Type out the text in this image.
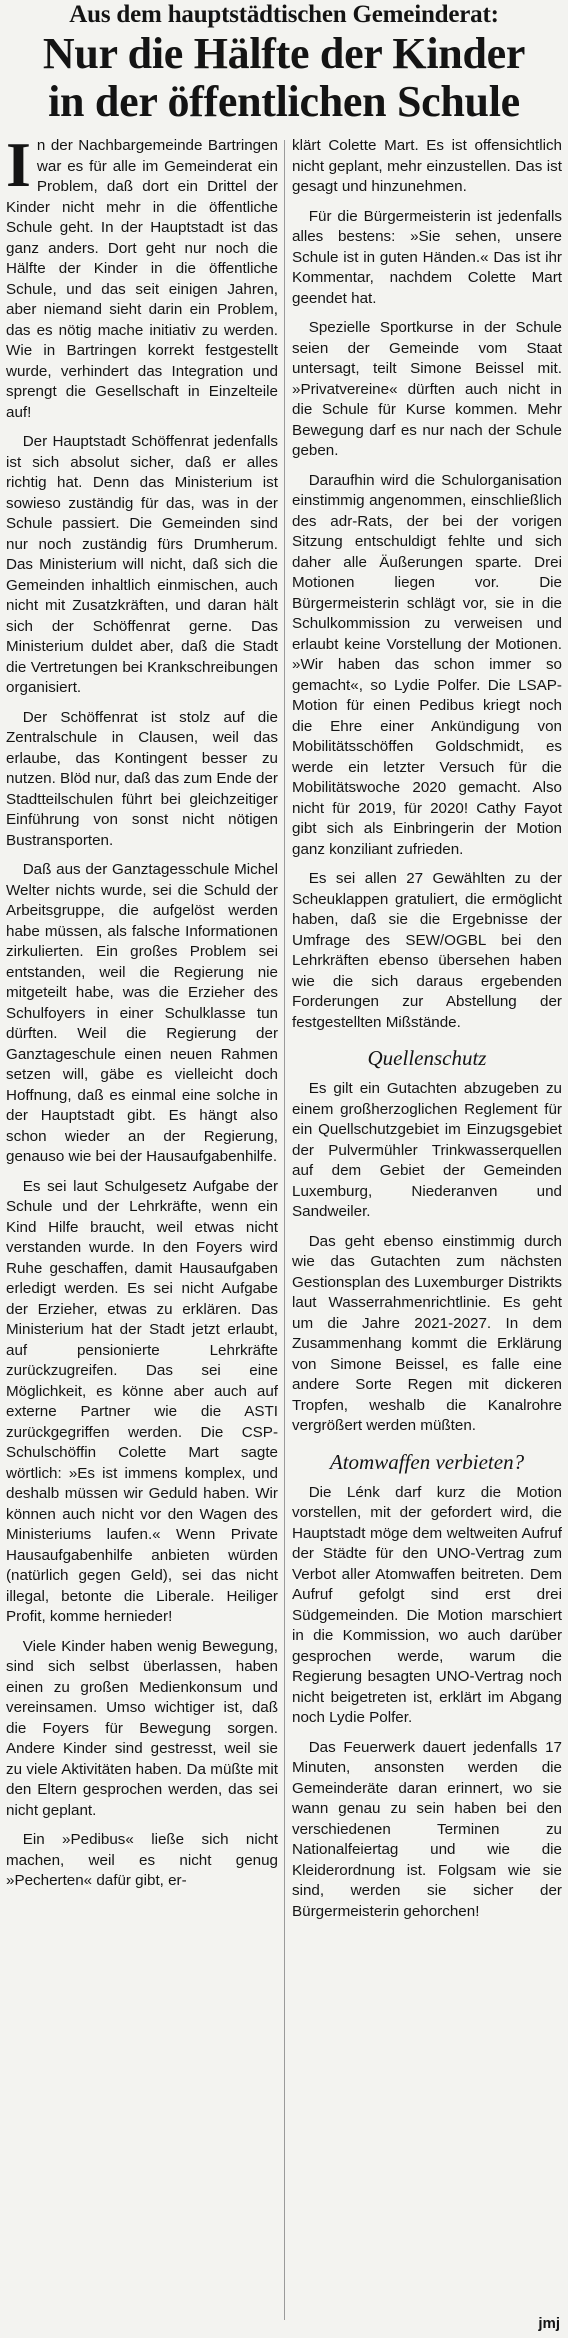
Aus dem hauptstädtischen Gemeinderat:
Nur die Hälfte der Kinder
in der öffentlichen Schule

In der Nachbargemeinde Bartringen war es für alle im Gemeinderat ein Problem, daß dort ein Drittel der Kinder nicht mehr in die öffentliche Schule geht. In der Hauptstadt ist das ganz anders. Dort geht nur noch die Hälfte der Kinder in die öffentliche Schule, und das seit einigen Jahren, aber niemand sieht darin ein Problem, das es nötig mache initiativ zu werden. Wie in Bartringen korrekt festgestellt wurde, verhindert das Integration und sprengt die Gesellschaft in Einzelteile auf!

Der Hauptstadt Schöffenrat jedenfalls ist sich absolut sicher, daß er alles richtig hat. Denn das Ministerium ist sowieso zuständig für das, was in der Schule passiert. Die Gemeinden sind nur noch zuständig fürs Drumherum. Das Ministerium will nicht, daß sich die Gemeinden inhaltlich einmischen, auch nicht mit Zusatzkräften, und daran hält sich der Schöffenrat gerne. Das Ministerium duldet aber, daß die Stadt die Vertretungen bei Krankschreibungen organisiert.

Der Schöffenrat ist stolz auf die Zentralschule in Clausen, weil das erlaube, das Kontingent besser zu nutzen. Blöd nur, daß das zum Ende der Stadtteilschulen führt bei gleichzeitiger Einführung von sonst nicht nötigen Bustransporten.

Daß aus der Ganztagesschule Michel Welter nichts wurde, sei die Schuld der Arbeitsgruppe, die aufgelöst werden habe müssen, als falsche Informationen zirkulierten. Ein großes Problem sei entstanden, weil die Regierung nie mitgeteilt habe, was die Erzieher des Schulfoyers in einer Schulklasse tun dürften. Weil die Regierung der Ganztageschule einen neuen Rahmen setzen will, gäbe es vielleicht doch Hoffnung, daß es einmal eine solche in der Hauptstadt gibt. Es hängt also schon wieder an der Regierung, genauso wie bei der Hausaufgabenhilfe.

Es sei laut Schulgesetz Aufgabe der Schule und der Lehrkräfte, wenn ein Kind Hilfe braucht, weil etwas nicht verstanden wurde. In den Foyers wird Ruhe geschaffen, damit Hausaufgaben erledigt werden. Es sei nicht Aufgabe der Erzieher, etwas zu erklären. Das Ministerium hat der Stadt jetzt erlaubt, auf pensionierte Lehrkräfte zurückzugreifen. Das sei eine Möglichkeit, es könne aber auch auf externe Partner wie die ASTI zurückgegriffen werden. Die CSP-Schulschöffin Colette Mart sagte wörtlich: »Es ist immens komplex, und deshalb müssen wir Geduld haben. Wir können auch nicht vor den Wagen des Ministeriums laufen.« Wenn Private Hausaufgabenhilfe anbieten würden (natürlich gegen Geld), sei das nicht illegal, betonte die Liberale. Heiliger Profit, komme hernieder!

Viele Kinder haben wenig Bewegung, sind sich selbst überlassen, haben einen zu großen Medienkonsum und vereinsamen. Umso wichtiger ist, daß die Foyers für Bewegung sorgen. Andere Kinder sind gestresst, weil sie zu viele Aktivitäten haben. Da müßte mit den Eltern gesprochen werden, das sei nicht geplant.

Ein »Pedibus« ließe sich nicht machen, weil es nicht genug »Pecherten« dafür gibt, er-

klärt Colette Mart. Es ist offensichtlich nicht geplant, mehr einzustellen. Das ist gesagt und hinzunehmen.

Für die Bürgermeisterin ist jedenfalls alles bestens: »Sie sehen, unsere Schule ist in guten Händen.« Das ist ihr Kommentar, nachdem Colette Mart geendet hat.

Spezielle Sportkurse in der Schule seien der Gemeinde vom Staat untersagt, teilt Simone Beissel mit. »Privatvereine« dürften auch nicht in die Schule für Kurse kommen. Mehr Bewegung darf es nur nach der Schule geben.

Daraufhin wird die Schulorganisation einstimmig angenommen, einschließlich des adr-Rats, der bei der vorigen Sitzung entschuldigt fehlte und sich daher alle Äußerungen sparte. Drei Motionen liegen vor. Die Bürgermeisterin schlägt vor, sie in die Schulkommission zu verweisen und erlaubt keine Vorstellung der Motionen. »Wir haben das schon immer so gemacht«, so Lydie Polfer. Die LSAP-Motion für einen Pedibus kriegt noch die Ehre einer Ankündigung von Mobilitätsschöffen Goldschmidt, es werde ein letzter Versuch für die Mobilitätswoche 2020 gemacht. Also nicht für 2019, für 2020! Cathy Fayot gibt sich als Einbringerin der Motion ganz konziliant zufrieden.

Es sei allen 27 Gewählten zu der Scheuklappen gratuliert, die ermöglicht haben, daß sie die Ergebnisse der Umfrage des SEW/OGBL bei den Lehrkräften ebenso übersehen haben wie die sich daraus ergebenden Forderungen zur Abstellung der festgestellten Mißstände.

Quellenschutz

Es gilt ein Gutachten abzugeben zu einem großherzoglichen Reglement für ein Quellschutzgebiet im Einzugsgebiet der Pulvermühler Trinkwasserquellen auf dem Gebiet der Gemeinden Luxemburg, Niederanven und Sandweiler.

Das geht ebenso einstimmig durch wie das Gutachten zum nächsten Gestionsplan des Luxemburger Distrikts laut Wasserrahmenrichtlinie. Es geht um die Jahre 2021-2027. In dem Zusammenhang kommt die Erklärung von Simone Beissel, es falle eine andere Sorte Regen mit dickeren Tropfen, weshalb die Kanalrohre vergrößert werden müßten.

Atomwaffen verbieten?

Die Lénk darf kurz die Motion vorstellen, mit der gefordert wird, die Hauptstadt möge dem weltweiten Aufruf der Städte für den UNO-Vertrag zum Verbot aller Atomwaffen beitreten. Dem Aufruf gefolgt sind erst drei Südgemeinden. Die Motion marschiert in die Kommission, wo auch darüber gesprochen werde, warum die Regierung besagten UNO-Vertrag noch nicht beigetreten ist, erklärt im Abgang noch Lydie Polfer.

Das Feuerwerk dauert jedenfalls 17 Minuten, ansonsten werden die Gemeinderäte daran erinnert, wo sie wann genau zu sein haben bei den verschiedenen Terminen zu Nationalfeiertag und wie die Kleiderordnung ist. Folgsam wie sie sind, werden sie sicher der Bürgermeisterin gehorchen!

jmj
